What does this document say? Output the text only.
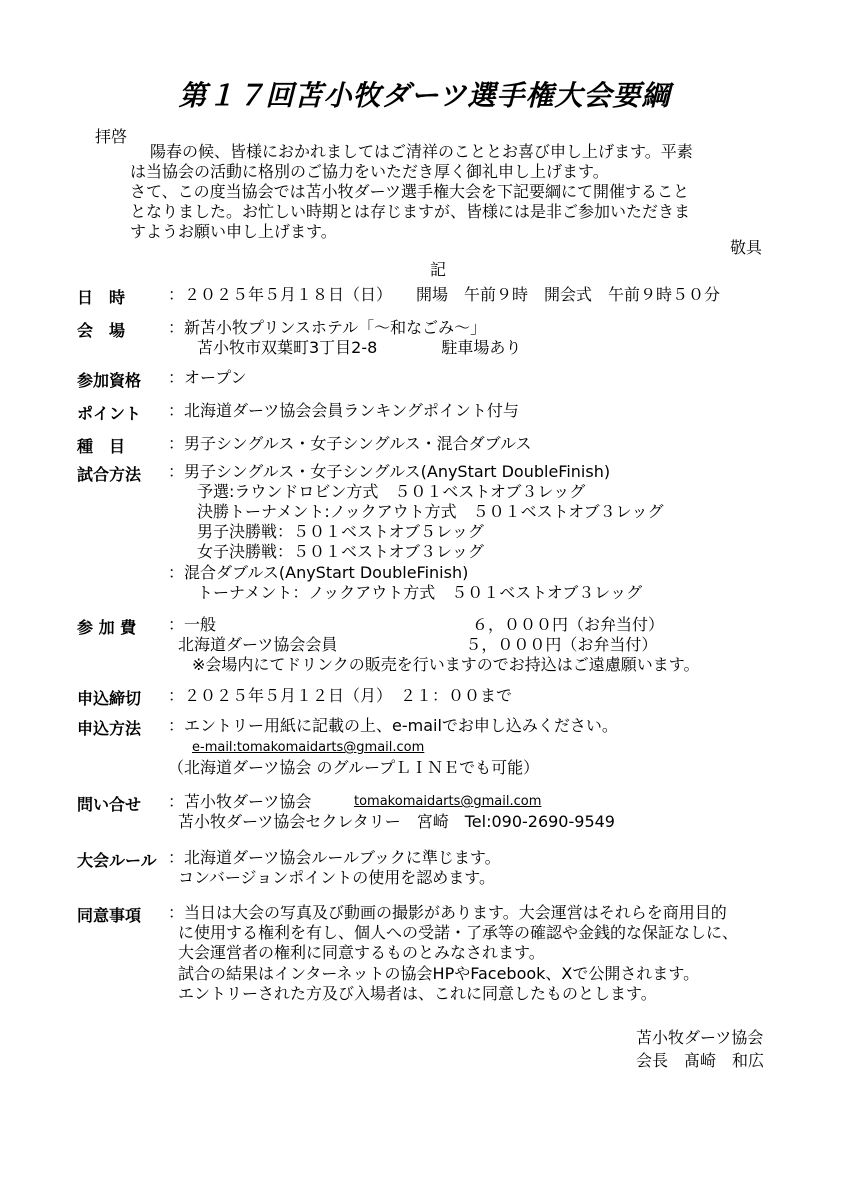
第１７回苫小牧ダーツ選手権大会要綱
拝啓
陽春の候、皆様におかれましてはご清祥のこととお喜び申し上げます。平素
は当協会の活動に格別のご協力をいただき厚く御礼申し上げます。
さて、この度当協会では苫小牧ダーツ選手権大会を下記要綱にて開催すること
となりました。お忙しい時期とは存じますが、皆様には是非ご参加いただきま
すようお願い申し上げます。
敬具
記
日　時	：２０２５年５月１８日（日）　　開場　午前９時　開会式　午前９時５０分
会　場	：新苫小牧プリンスホテル「～和なごみ～」
苫小牧市双葉町3丁目2-8　　　　駐車場あり
参加資格 ：オープン
ポイント ：北海道ダーツ協会会員ランキングポイント付与
種　目	：男子シングルス・女子シングルス・混合ダブルス
試合方法 ：男子シングルス・女子シングルス(AnyStart DoubleFinish)
予選:ラウンドロビン方式　５０１ベストオブ３レッグ
決勝トーナメント:ノックアウト方式　５０１ベストオブ３レッグ
男子決勝戦：５０１ベストオブ５レッグ
女子決勝戦：５０１ベストオブ３レッグ
：混合ダブルス(AnyStart DoubleFinish)
トーナメント：ノックアウト方式　５０１ベストオブ３レッグ
参 加 費 ：一般　　　　　　　　　　　　　　　　６，０００円（お弁当付）
北海道ダーツ協会会員　　　　　　　　５，０００円（お弁当付）
※会場内にてドリンクの販売を行いますのでお持込はご遠慮願います。
申込締切 ：２０２５年５月１２日（月）　２１：００まで
申込方法 ：エントリー用紙に記載の上、e-mailでお申し込みください。
e-mail:tomakomaidarts@gmail.com
（北海道ダーツ協会 のグループＬＩＮＥでも可能）
問い合せ ：苫小牧ダーツ協会	tomakomaidarts@gmail.com
苫小牧ダーツ協会セクレタリー　宮崎　Tel:090-2690-9549
大会ルール ：北海道ダーツ協会ルールブックに準じます。
コンバージョンポイントの使用を認めます。
同意事項 ：当日は大会の写真及び動画の撮影があります。大会運営はそれらを商用目的
に使用する権利を有し、個人への受諾・了承等の確認や金銭的な保証なしに、
大会運営者の権利に同意するものとみなされます。
試合の結果はインターネットの協会HPやFacebook、Xで公開されます。
エントリーされた方及び入場者は、これに同意したものとします。
苫小牧ダーツ協会
会長　髙崎　和広
